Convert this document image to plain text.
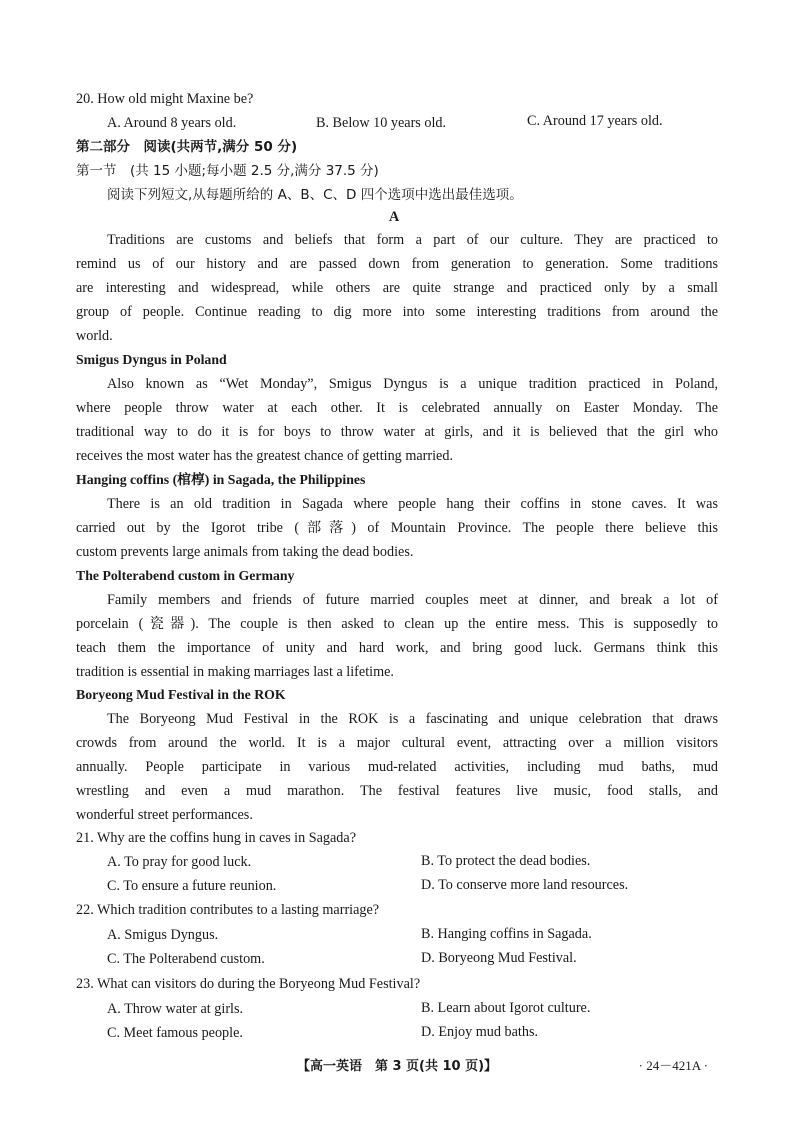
20. How old might Maxine be?
A. Around 8 years old.	B. Below 10 years old.	C. Around 17 years old.
第二部分　阅读(共两节,满分 50 分)
第一节　(共 15 小题;每小题 2.5 分,满分 37.5 分)
阅读下列短文,从每题所给的 A、B、C、D 四个选项中选出最佳选项。
A
Traditions are customs and beliefs that form a part of our culture. They are practiced to
remind us of our history and are passed down from generation to generation. Some traditions
are interesting and widespread, while others are quite strange and practiced only by a small
group of people. Continue reading to dig more into some interesting traditions from around the
world.
Smigus Dyngus in Poland
Also known as “Wet Monday”, Smigus Dyngus is a unique tradition practiced in Poland,
where people throw water at each other. It is celebrated annually on Easter Monday. The
traditional way to do it is for boys to throw water at girls, and it is believed that the girl who
receives the most water has the greatest chance of getting married.
Hanging coffins (棺椁) in Sagada, the Philippines
There is an old tradition in Sagada where people hang their coffins in stone caves. It was
carried out by the Igorot tribe (部落) of Mountain Province. The people there believe this
custom prevents large animals from taking the dead bodies.
The Polterabend custom in Germany
Family members and friends of future married couples meet at dinner, and break a lot of
porcelain (瓷器). The couple is then asked to clean up the entire mess. This is supposedly to
teach them the importance of unity and hard work, and bring good luck. Germans think this
tradition is essential in making marriages last a lifetime.
Boryeong Mud Festival in the ROK
The Boryeong Mud Festival in the ROK is a fascinating and unique celebration that draws
crowds from around the world. It is a major cultural event, attracting over a million visitors
annually. People participate in various mud-related activities, including mud baths, mud
wrestling and even a mud marathon. The festival features live music, food stalls, and
wonderful street performances.
21. Why are the coffins hung in caves in Sagada?
A. To pray for good luck.	B. To protect the dead bodies.
C. To ensure a future reunion.	D. To conserve more land resources.
22. Which tradition contributes to a lasting marriage?
A. Smigus Dyngus.	B. Hanging coffins in Sagada.
C. The Polterabend custom.	D. Boryeong Mud Festival.
23. What can visitors do during the Boryeong Mud Festival?
A. Throw water at girls.	B. Learn about Igorot culture.
C. Meet famous people.	D. Enjoy mud baths.
【高一英语　第 3 页(共 10 页)】	· 24－421A ·
